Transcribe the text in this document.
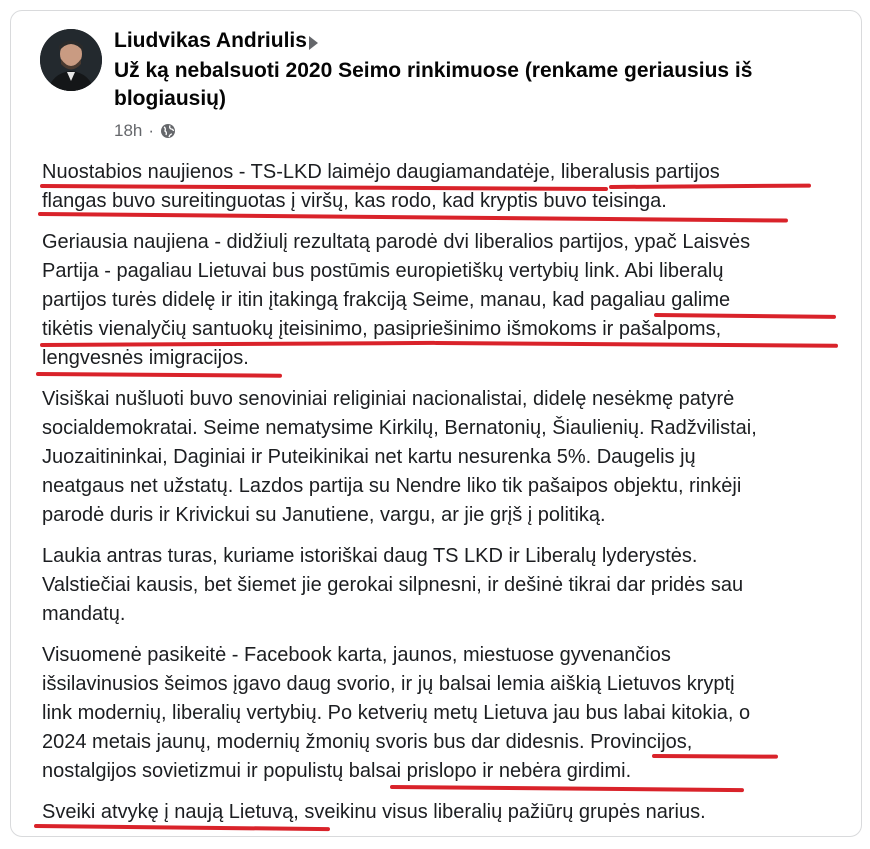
Liudvikas Andriulis
Už ką nebalsuoti 2020 Seimo rinkimuose (renkame geriausius iš
blogiausių)
18h ·
Nuostabios naujienos - TS-LKD laimėjo daugiamandatėje, liberalusis partijos
flangas buvo sureitinguotas į viršų, kas rodo, kad kryptis buvo teisinga.
Geriausia naujiena - didžiulį rezultatą parodė dvi liberalios partijos, ypač Laisvės
Partija - pagaliau Lietuvai bus postūmis europietiškų vertybių link. Abi liberalų
partijos turės didelę ir itin įtakingą frakciją Seime, manau, kad pagaliau galime
tikėtis vienalyčių santuokų įteisinimo, pasipriešinimo išmokoms ir pašalpoms,
lengvesnės imigracijos.
Visiškai nušluoti buvo senoviniai religiniai nacionalistai, didelę nesėkmę patyrė
socialdemokratai. Seime nematysime Kirkilų, Bernatonių, Šiaulienių. Radžvilistai,
Juozaitininkai, Daginiai ir Puteikinikai net kartu nesurenka 5%. Daugelis jų
neatgaus net užstatų. Lazdos partija su Nendre liko tik pašaipos objektu, rinkėji
parodė duris ir Krivickui su Janutiene, vargu, ar jie grįš į politiką.
Laukia antras turas, kuriame istoriškai daug TS LKD ir Liberalų lyderystės.
Valstiečiai kausis, bet šiemet jie gerokai silpnesni, ir dešinė tikrai dar pridės sau
mandatų.
Visuomenė pasikeitė - Facebook karta, jaunos, miestuose gyvenančios
išsilavinusios šeimos įgavo daug svorio, ir jų balsai lemia aiškią Lietuvos kryptį
link modernių, liberalių vertybių. Po ketverių metų Lietuva jau bus labai kitokia, o
2024 metais jaunų, modernių žmonių svoris bus dar didesnis. Provincijos,
nostalgijos sovietizmui ir populistų balsai prislopo ir nebėra girdimi.
Sveiki atvykę į naują Lietuvą, sveikinu visus liberalių pažiūrų grupės narius.
